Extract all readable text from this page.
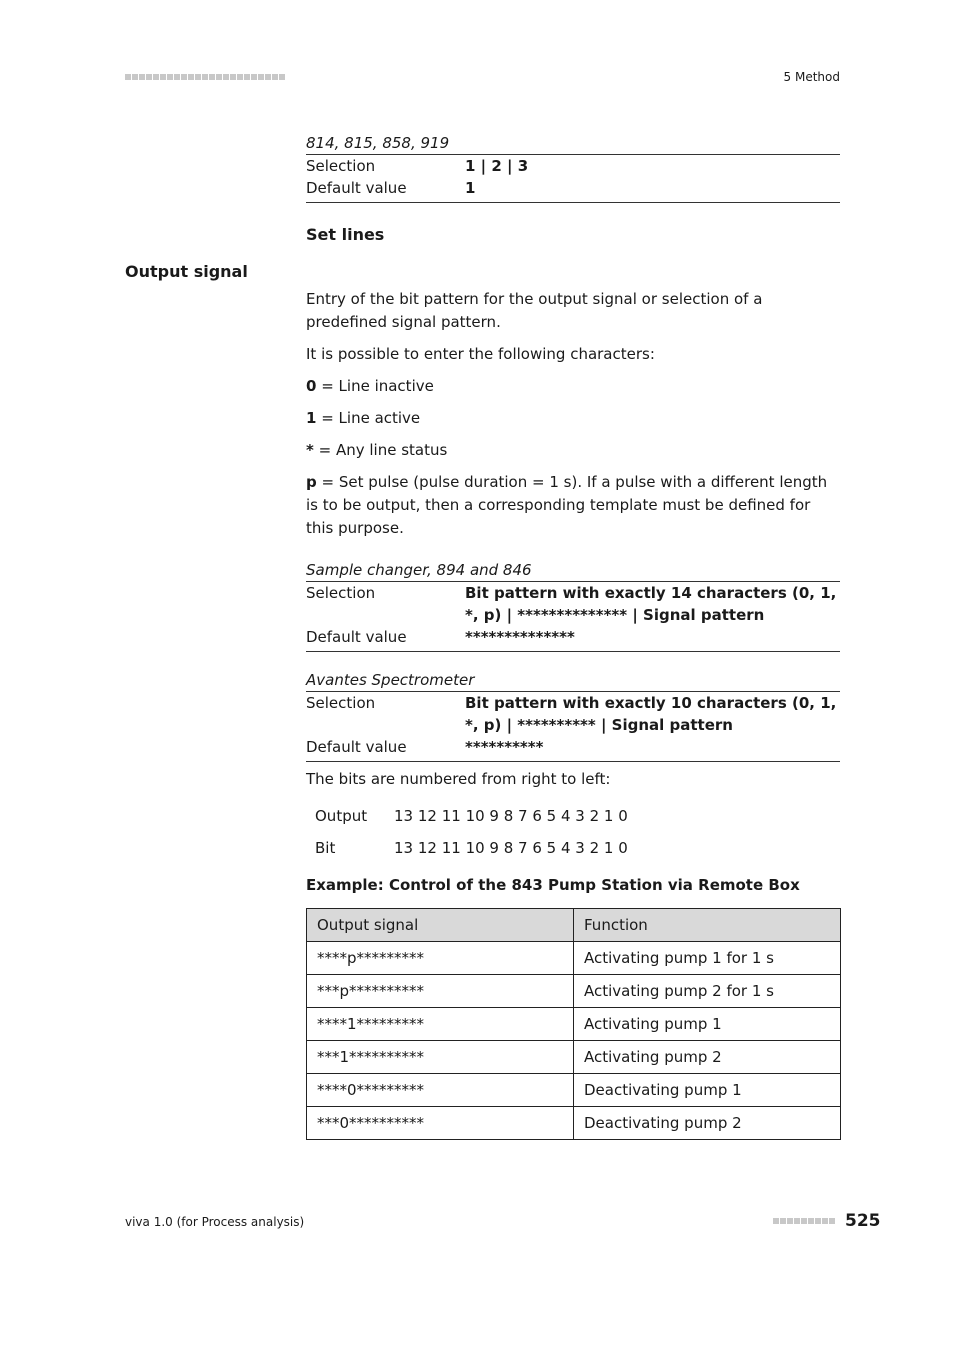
5 Method
814, 815, 858, 919
Selection	1 | 2 | 3
Default value	1
Set lines
Output signal

Entry of the bit pattern for the output signal or selection of a predefined signal pattern.

It is possible to enter the following characters:

0 = Line inactive

1 = Line active

* = Any line status

p = Set pulse (pulse duration = 1 s). If a pulse with a different length is to be output, then a corresponding template must be defined for this purpose.

Sample changer, 894 and 846
Selection	Bit pattern with exactly 14 characters (0, 1, *, p) | ************** | Signal pattern
Default value	**************
Avantes Spectrometer
Selection	Bit pattern with exactly 10 characters (0, 1, *, p) | ********** | Signal pattern
Default value	**********
The bits are numbered from right to left:
Output	13 12 11 10 9 8 7 6 5 4 3 2 1 0
Bit	13 12 11 10 9 8 7 6 5 4 3 2 1 0
Example: Control of the 843 Pump Station via Remote Box
Output signal	Function
****p*********	Activating pump 1 for 1 s
***p**********	Activating pump 2 for 1 s
****1*********	Activating pump 1
***1**********	Activating pump 2
****0*********	Deactivating pump 1
***0**********	Deactivating pump 2
viva 1.0 (for Process analysis)	525
